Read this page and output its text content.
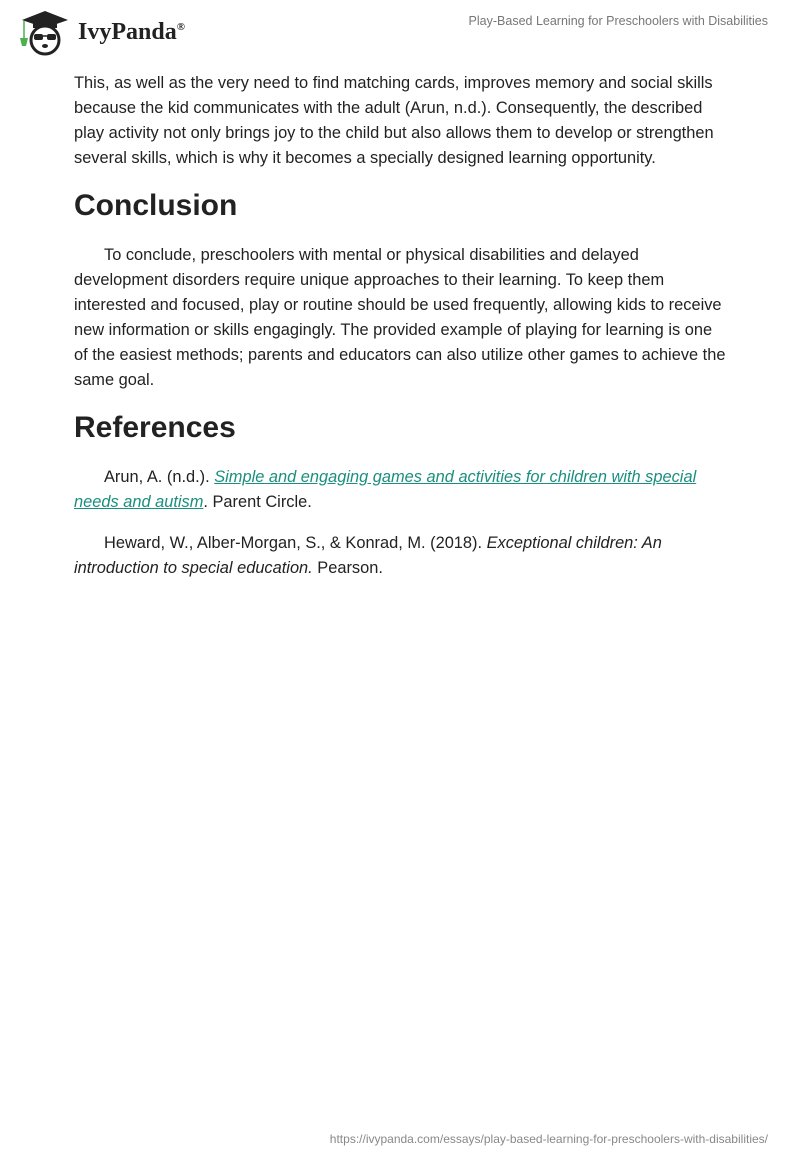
IvyPanda®	Play-Based Learning for Preschoolers with Disabilities

This, as well as the very need to find matching cards, improves memory and social skills because the kid communicates with the adult (Arun, n.d.). Consequently, the described play activity not only brings joy to the child but also allows them to develop or strengthen several skills, which is why it becomes a specially designed learning opportunity.

Conclusion

To conclude, preschoolers with mental or physical disabilities and delayed development disorders require unique approaches to their learning. To keep them interested and focused, play or routine should be used frequently, allowing kids to receive new information or skills engagingly. The provided example of playing for learning is one of the easiest methods; parents and educators can also utilize other games to achieve the same goal.

References

Arun, A. (n.d.). Simple and engaging games and activities for children with special needs and autism. Parent Circle.

Heward, W., Alber-Morgan, S., & Konrad, M. (2018). Exceptional children: An introduction to special education. Pearson.

https://ivypanda.com/essays/play-based-learning-for-preschoolers-with-disabilities/
